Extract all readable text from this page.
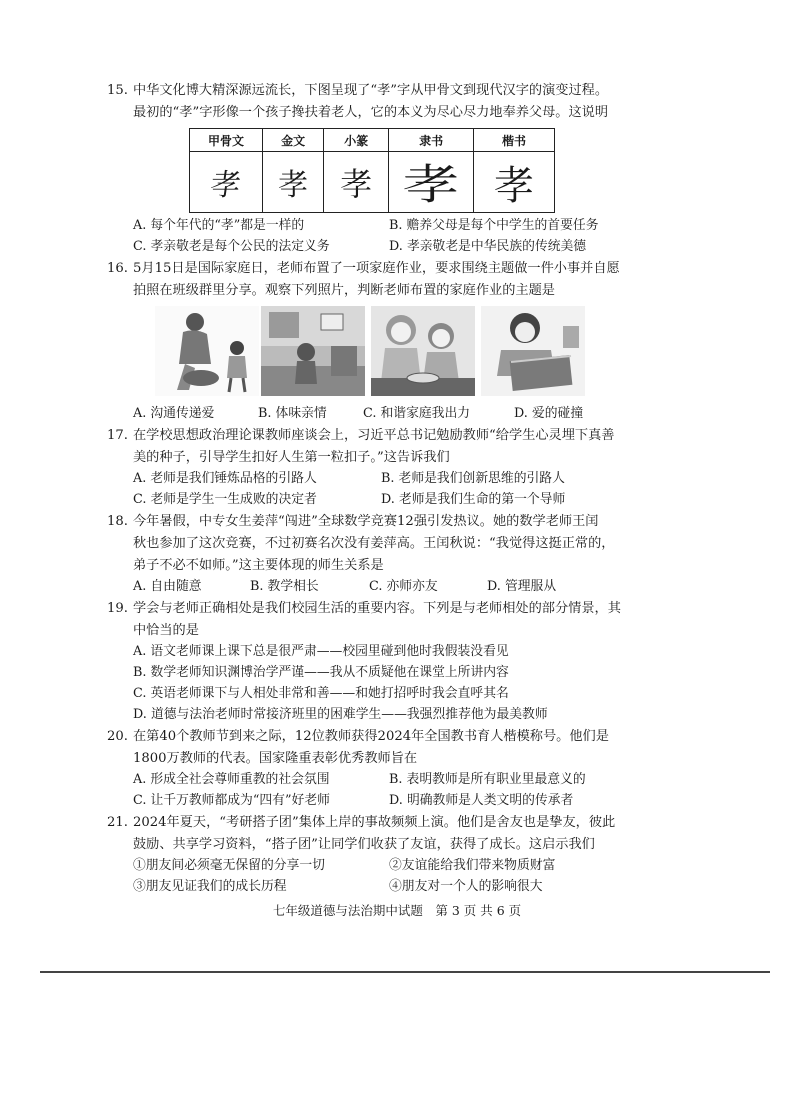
15. 中华文化博大精深源远流长，下图呈现了“孝”字从甲骨文到现代汉字的演变过程。
最初的“孝”字形像一个孩子搀扶着老人，它的本义为尽心尽力地奉养父母。这说明
甲骨文	金文	小篆	隶书	楷书
孝	孝	孝	孝	孝
A. 每个年代的“孝”都是一样的	B. 赡养父母是每个中学生的首要任务
C. 孝亲敬老是每个公民的法定义务	D. 孝亲敬老是中华民族的传统美德
16. 5月15日是国际家庭日，老师布置了一项家庭作业，要求围绕主题做一件小事并自愿
拍照在班级群里分享。观察下列照片，判断老师布置的家庭作业的主题是
A. 沟通传递爱	B. 体味亲情	C. 和谐家庭我出力	D. 爱的碰撞
17. 在学校思想政治理论课教师座谈会上，习近平总书记勉励教师“给学生心灵埋下真善
美的种子，引导学生扣好人生第一粒扣子。”这告诉我们
A. 老师是我们锤炼品格的引路人	B. 老师是我们创新思维的引路人
C. 老师是学生一生成败的决定者	D. 老师是我们生命的第一个导师
18. 今年暑假，中专女生姜萍“闯进”全球数学竞赛12强引发热议。她的数学老师王闰
秋也参加了这次竞赛，不过初赛名次没有姜萍高。王闰秋说：“我觉得这挺正常的，
弟子不必不如师。”这主要体现的师生关系是
A. 自由随意	B. 教学相长	C. 亦师亦友	D. 管理服从
19. 学会与老师正确相处是我们校园生活的重要内容。下列是与老师相处的部分情景，其
中恰当的是
A. 语文老师课上课下总是很严肃——校园里碰到他时我假装没看见
B. 数学老师知识渊博治学严谨——我从不质疑他在课堂上所讲内容
C. 英语老师课下与人相处非常和善——和她打招呼时我会直呼其名
D. 道德与法治老师时常接济班里的困难学生——我强烈推荐他为最美教师
20. 在第40个教师节到来之际，12位教师获得2024年全国教书育人楷模称号。他们是
1800万教师的代表。国家隆重表彰优秀教师旨在
A. 形成全社会尊师重教的社会氛围	B. 表明教师是所有职业里最意义的
C. 让千万教师都成为“四有”好老师	D. 明确教师是人类文明的传承者
21. 2024年夏天，“考研搭子团”集体上岸的事故频频上演。他们是舍友也是挚友，彼此
鼓励、共享学习资料，“搭子团”让同学们收获了友谊，获得了成长。这启示我们
①朋友间必须毫无保留的分享一切	②友谊能给我们带来物质财富
③朋友见证我们的成长历程	④朋友对一个人的影响很大
七年级道德与法治期中试题　第 3 页 共 6 页
